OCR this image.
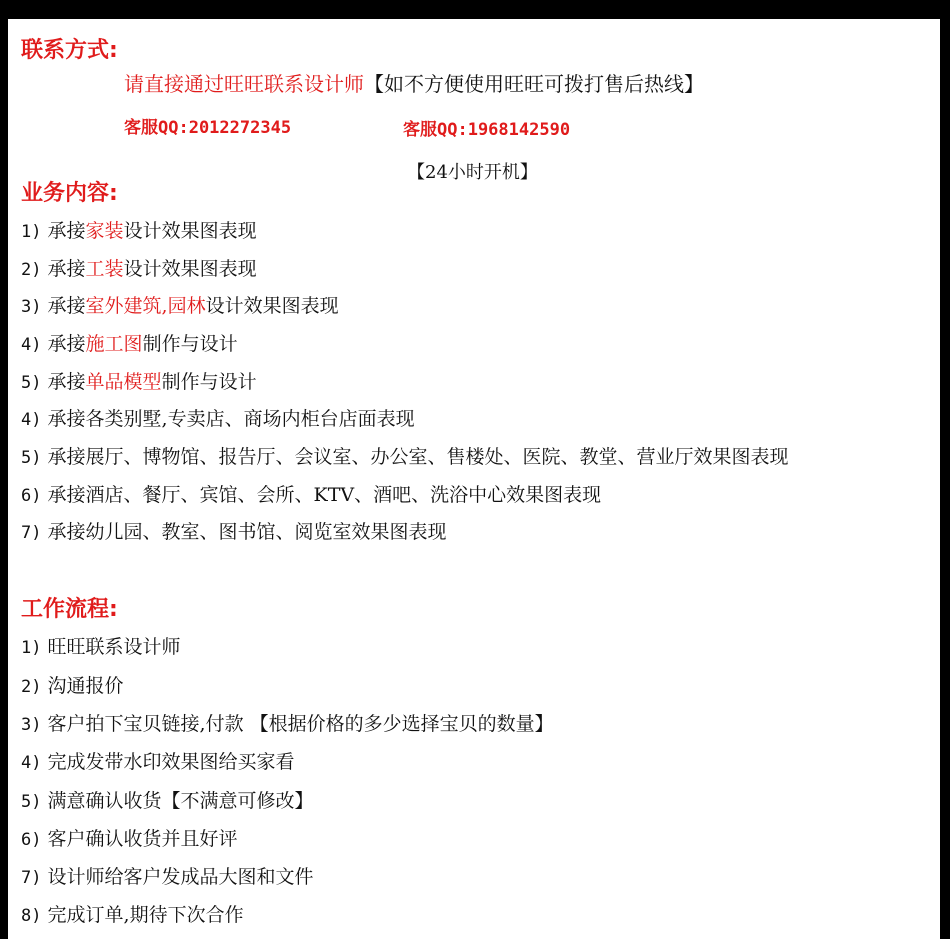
联系方式:
请直接通过旺旺联系设计师【如不方便使用旺旺可拨打售后热线】
客服QQ:2012272345	客服QQ:1968142590
【24小时开机】
业务内容:
1) 承接家装设计效果图表现
2) 承接工装设计效果图表现
3) 承接室外建筑,园林设计效果图表现
4) 承接施工图制作与设计
5) 承接单品模型制作与设计
4) 承接各类别墅,专卖店、商场内柜台店面表现
5) 承接展厅、博物馆、报告厅、会议室、办公室、售楼处、医院、教堂、营业厅效果图表现
6) 承接酒店、餐厅、宾馆、会所、KTV、酒吧、洗浴中心效果图表现
7) 承接幼儿园、教室、图书馆、阅览室效果图表现
工作流程:
1) 旺旺联系设计师
2) 沟通报价
3) 客户拍下宝贝链接,付款 【根据价格的多少选择宝贝的数量】
4) 完成发带水印效果图给买家看
5) 满意确认收货【不满意可修改】
6) 客户确认收货并且好评
7) 设计师给客户发成品大图和文件
8) 完成订单,期待下次合作
